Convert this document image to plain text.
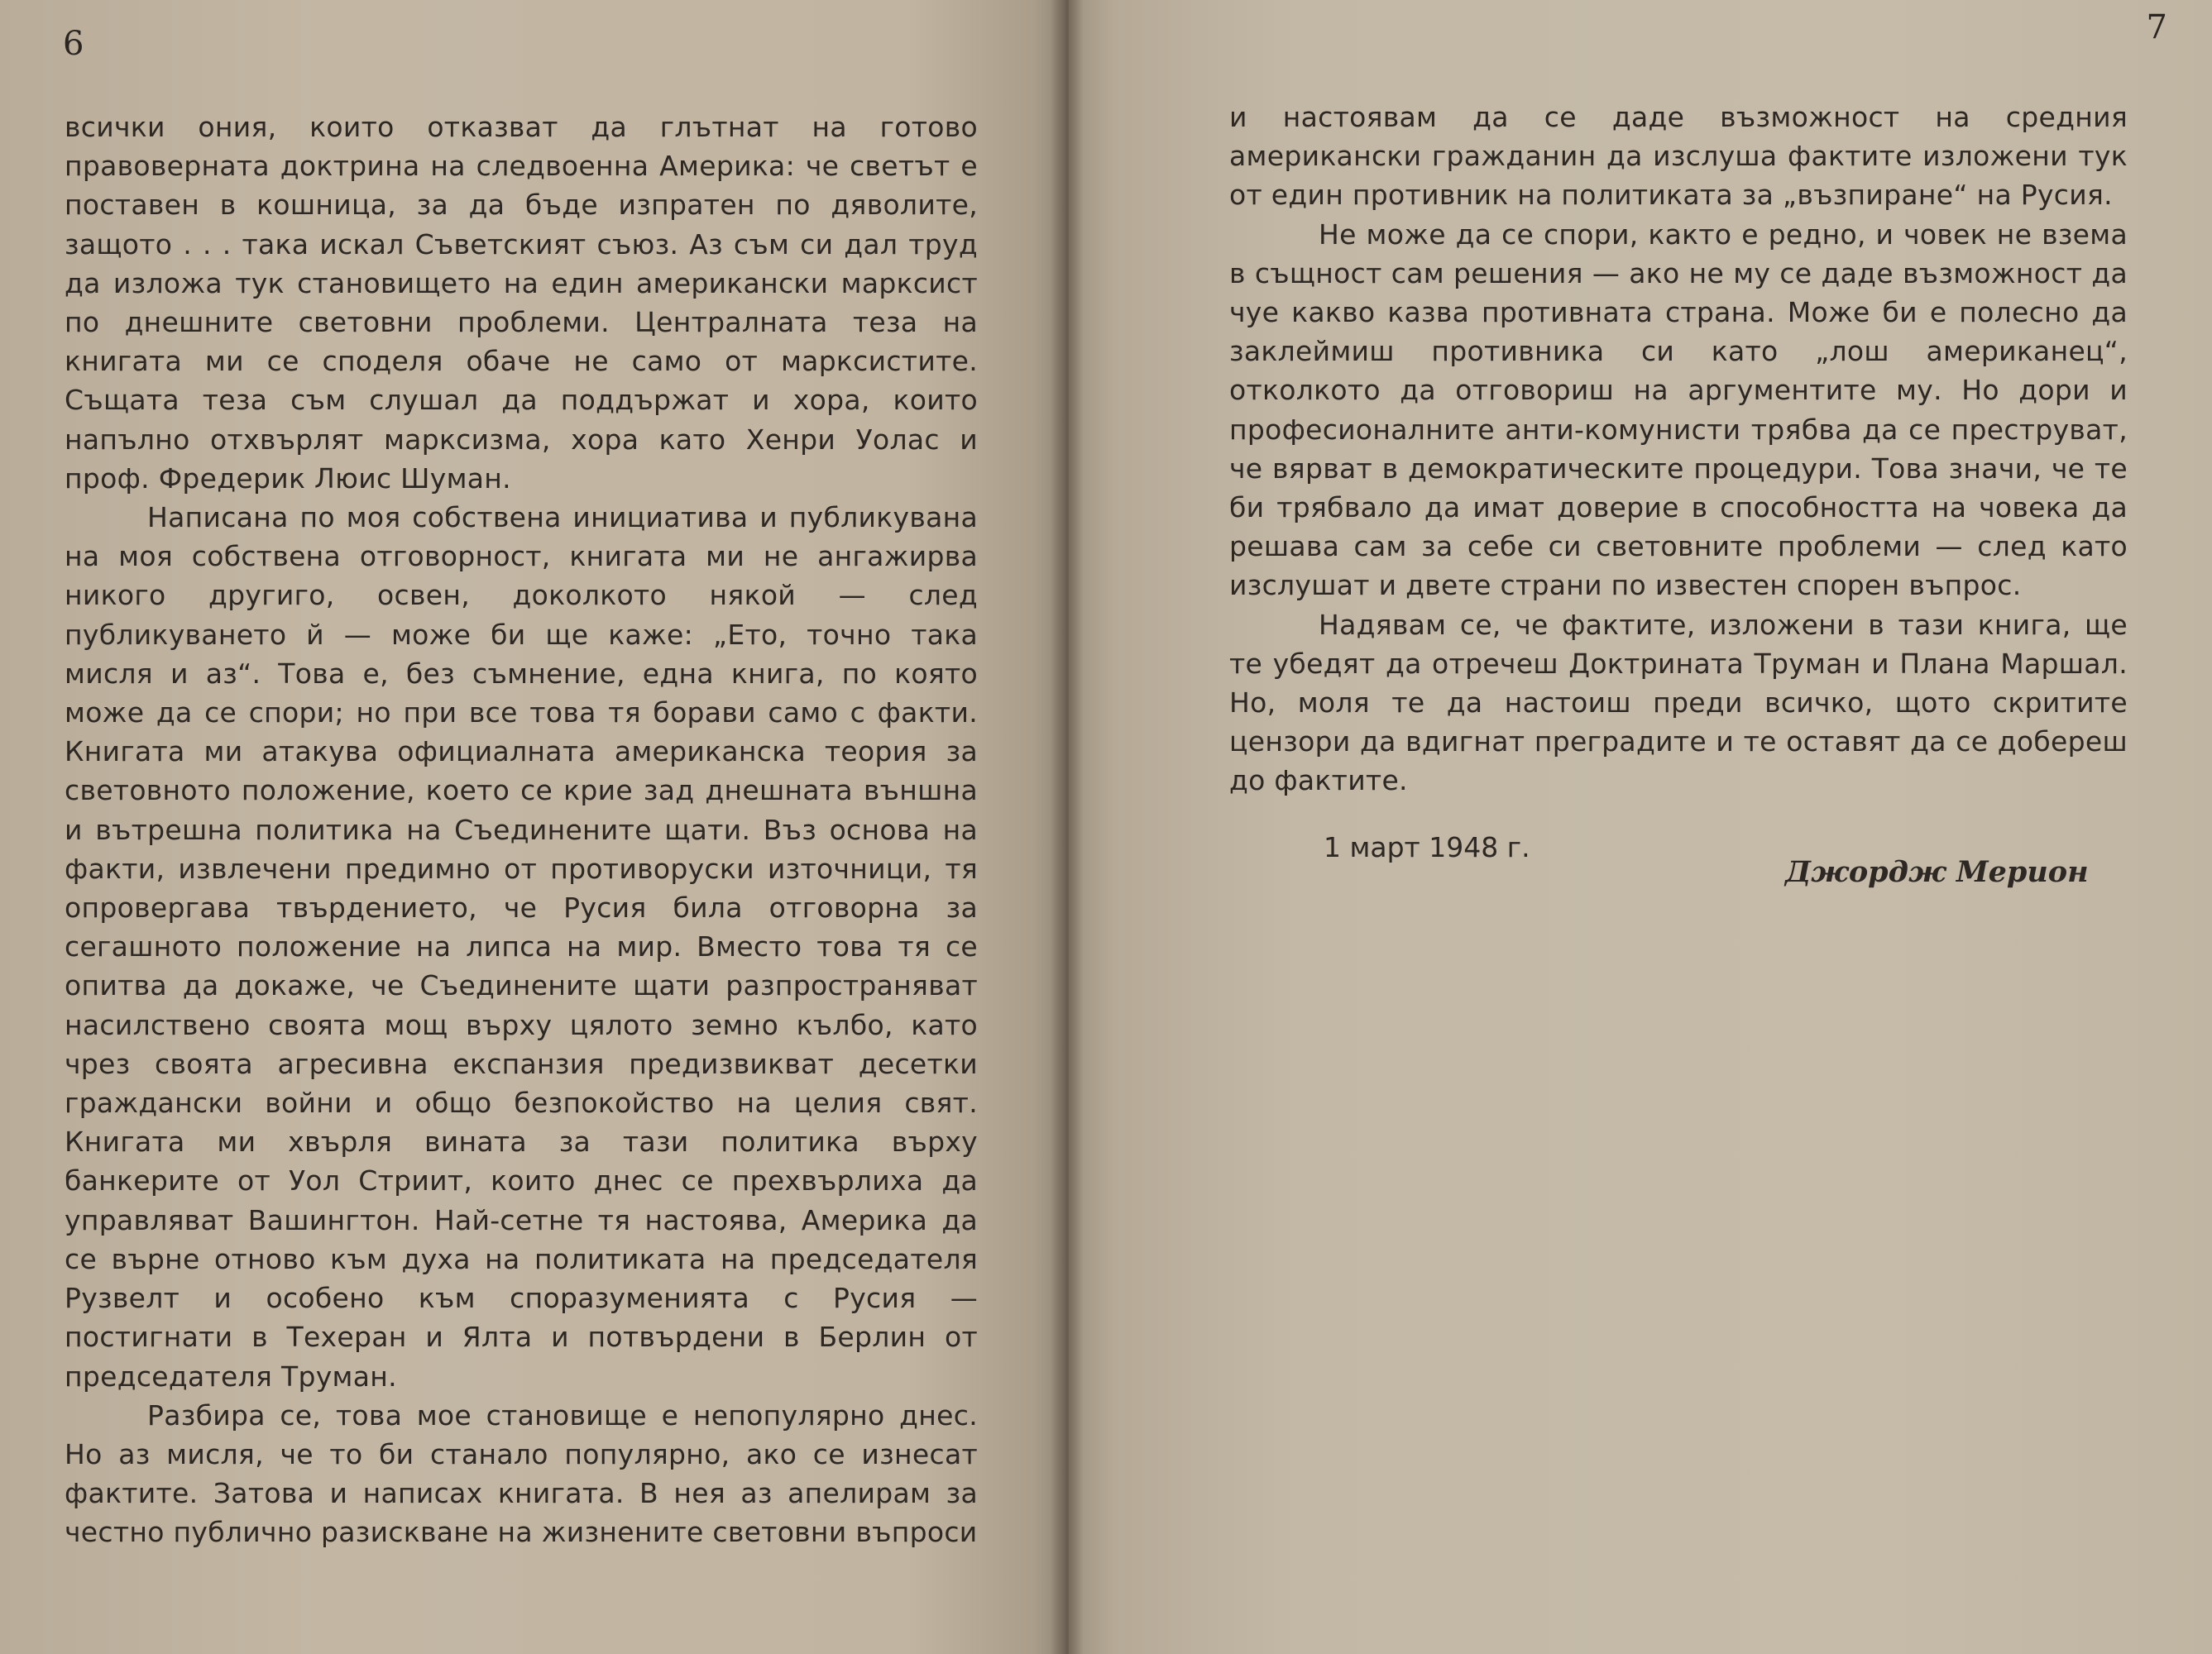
6

всички ония, които отказват да глътнат на готово правоверната доктрина на следвоенна Америка: че светът е поставен в кошница, за да бъде изпратен по дяволите, защото . . . така искал Съветският съюз. Аз съм си дал труд да изложа тук становището на един американски марксист по днешните световни проблеми. Централната теза на книгата ми се споделя обаче не само от марксистите. Същата теза съм слушал да поддържат и хора, които напълно отхвърлят марксизма, хора като Хенри Уолас и проф. Фредерик Люис Шуман.

Написана по моя собствена инициатива и публикувана на моя собствена отговорност, книгата ми не ангажирва никого другиго, освен, доколкото някой — след публикуването й — може би ще каже: „Ето, точно така мисля и аз“. Това е, без съмнение, една книга, по която може да се спори; но при все това тя борави само с факти. Книгата ми атакува официалната американска теория за световното положение, което се крие зад днешната външна и вътрешна политика на Съединените щати. Въз основа на факти, извлечени предимно от противоруски източници, тя опровергава твърдението, че Русия била отговорна за сегашното положение на липса на мир. Вместо това тя се опитва да докаже, че Съединените щати разпространяват насилствено своята мощ върху цялото земно кълбо, като чрез своята агресивна експанзия предизвикват десетки граждански войни и общо безпокойство на целия свят. Книгата ми хвърля вината за тази политика върху банкерите от Уол Стриит, които днес се прехвърлиха да управляват Вашингтон. Най-сетне тя настоява, Америка да се върне отново към духа на политиката на председателя Рузвелт и особено към споразуменията с Русия — постигнати в Техеран и Ялта и потвърдени в Берлин от председателя Труман.

Разбира се, това мое становище е непопулярно днес. Но аз мисля, че то би станало популярно, ако се изнесат фактите. Затова и написах книгата. В нея аз апелирам за честно публично разискване на жизнените световни въпроси

7

и настоявам да се даде възможност на средния американски гражданин да изслуша фактите изложени тук от един противник на политиката за „възпиране“ на Русия.

Не може да се спори, както е редно, и човек не взема в същност сам решения — ако не му се даде възможност да чуе какво казва противната страна. Може би е полесно да заклеймиш противника си като „лош американец“, отколкото да отговориш на аргументите му. Но дори и професионалните анти-комунисти трябва да се преструват, че вярват в демократическите процедури. Това значи, че те би трябвало да имат доверие в способността на човека да решава сам за себе си световните проблеми — след като изслушат и двете страни по известен спорен въпрос.

Надявам се, че фактите, изложени в тази книга, ще те убедят да отречеш Доктрината Труман и Плана Маршал. Но, моля те да настоиш преди всичко, щото скритите цензори да вдигнат преградите и те оставят да се добереш до фактите.

1 март 1948 г.
Джордж Мерион
